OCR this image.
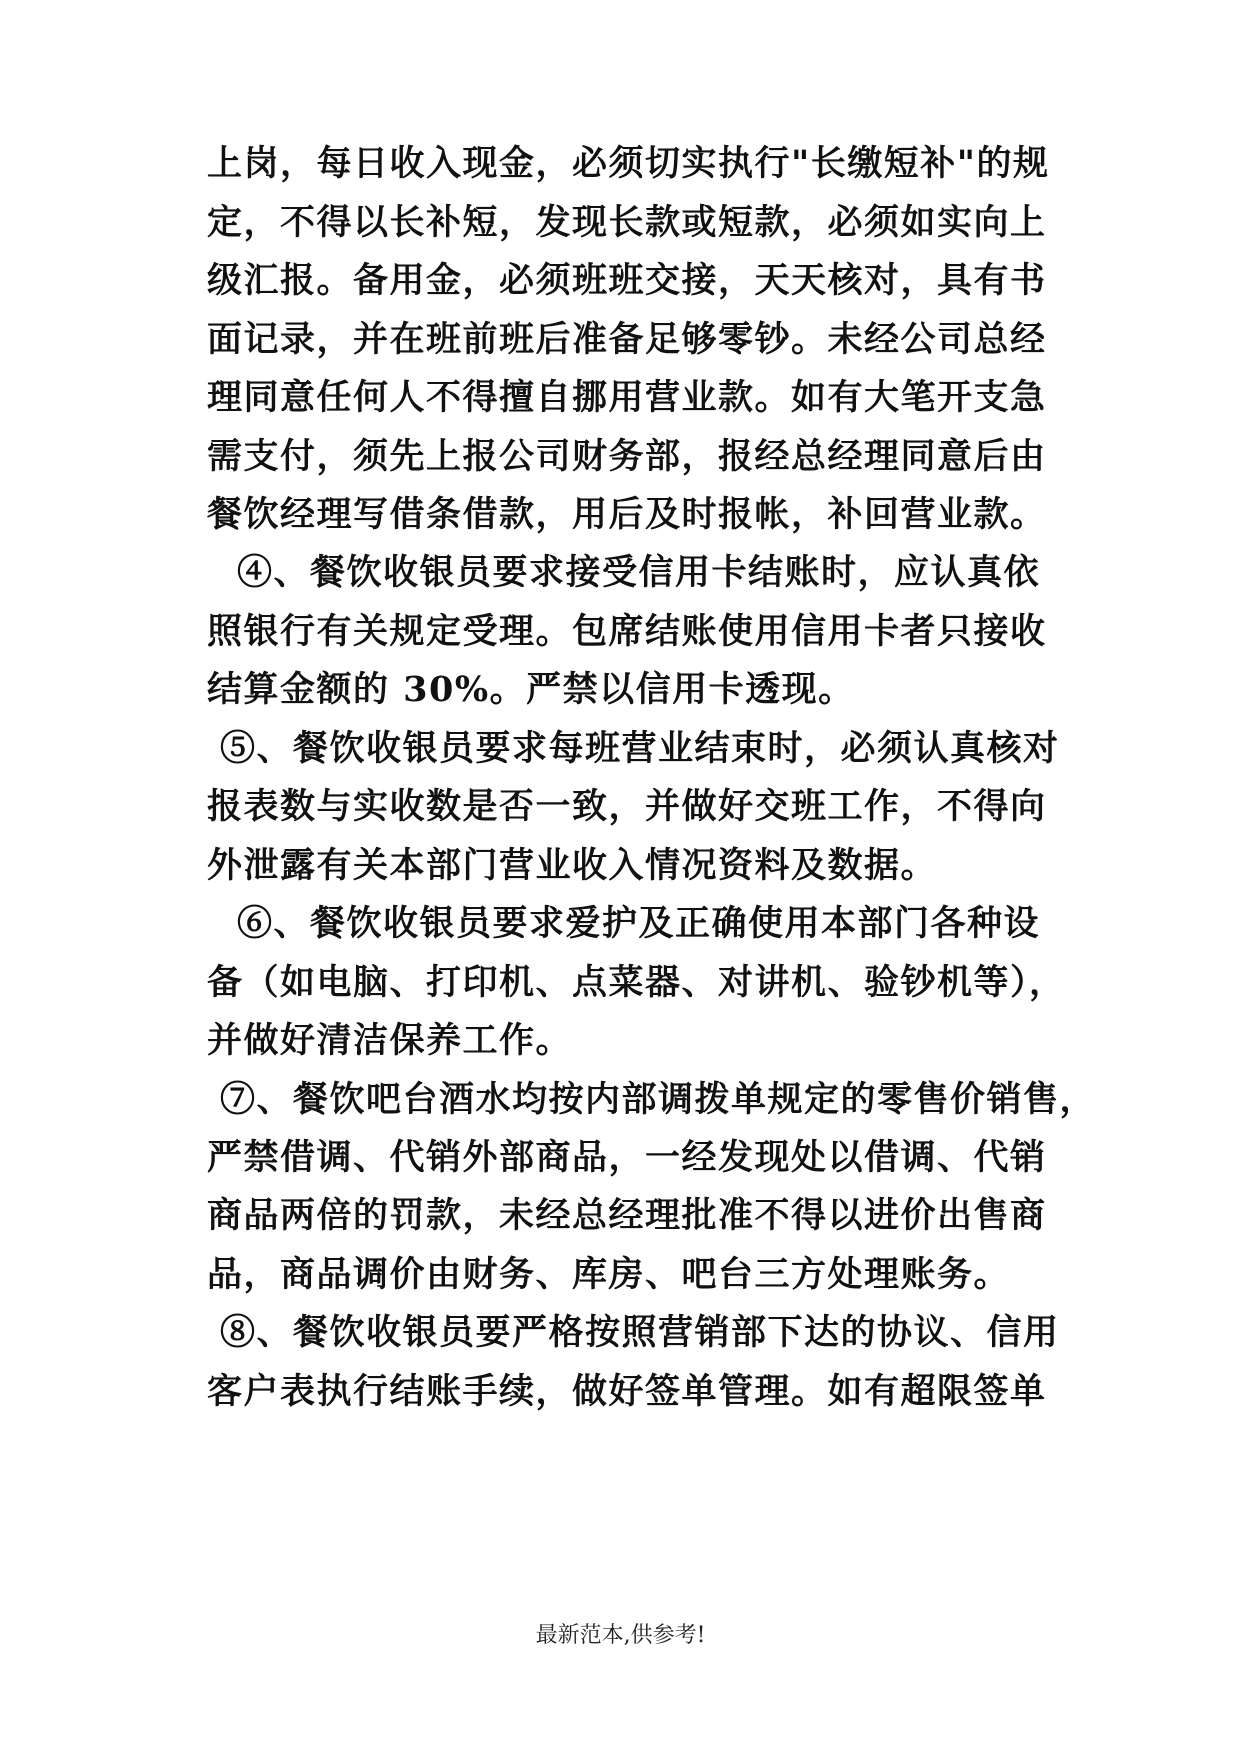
上岗，每日收入现金，必须切实执行"长缴短补"的规
定，不得以长补短，发现长款或短款，必须如实向上
级汇报。备用金，必须班班交接，天天核对，具有书
面记录，并在班前班后准备足够零钞。未经公司总经
理同意任何人不得擅自挪用营业款。如有大笔开支急
需支付，须先上报公司财务部，报经总经理同意后由
餐饮经理写借条借款，用后及时报帐，补回营业款。
④、餐饮收银员要求接受信用卡结账时，应认真依
照银行有关规定受理。包席结账使用信用卡者只接收
结算金额的 30%。严禁以信用卡透现。
⑤、餐饮收银员要求每班营业结束时，必须认真核对
报表数与实收数是否一致，并做好交班工作，不得向
外泄露有关本部门营业收入情况资料及数据。
⑥、餐饮收银员要求爱护及正确使用本部门各种设
备（如电脑、打印机、点菜器、对讲机、验钞机等），
并做好清洁保养工作。
⑦、餐饮吧台酒水均按内部调拨单规定的零售价销售，
严禁借调、代销外部商品，一经发现处以借调、代销
商品两倍的罚款，未经总经理批准不得以进价出售商
品，商品调价由财务、库房、吧台三方处理账务。
⑧、餐饮收银员要严格按照营销部下达的协议、信用
客户表执行结账手续，做好签单管理。如有超限签单
最新范本,供参考!
